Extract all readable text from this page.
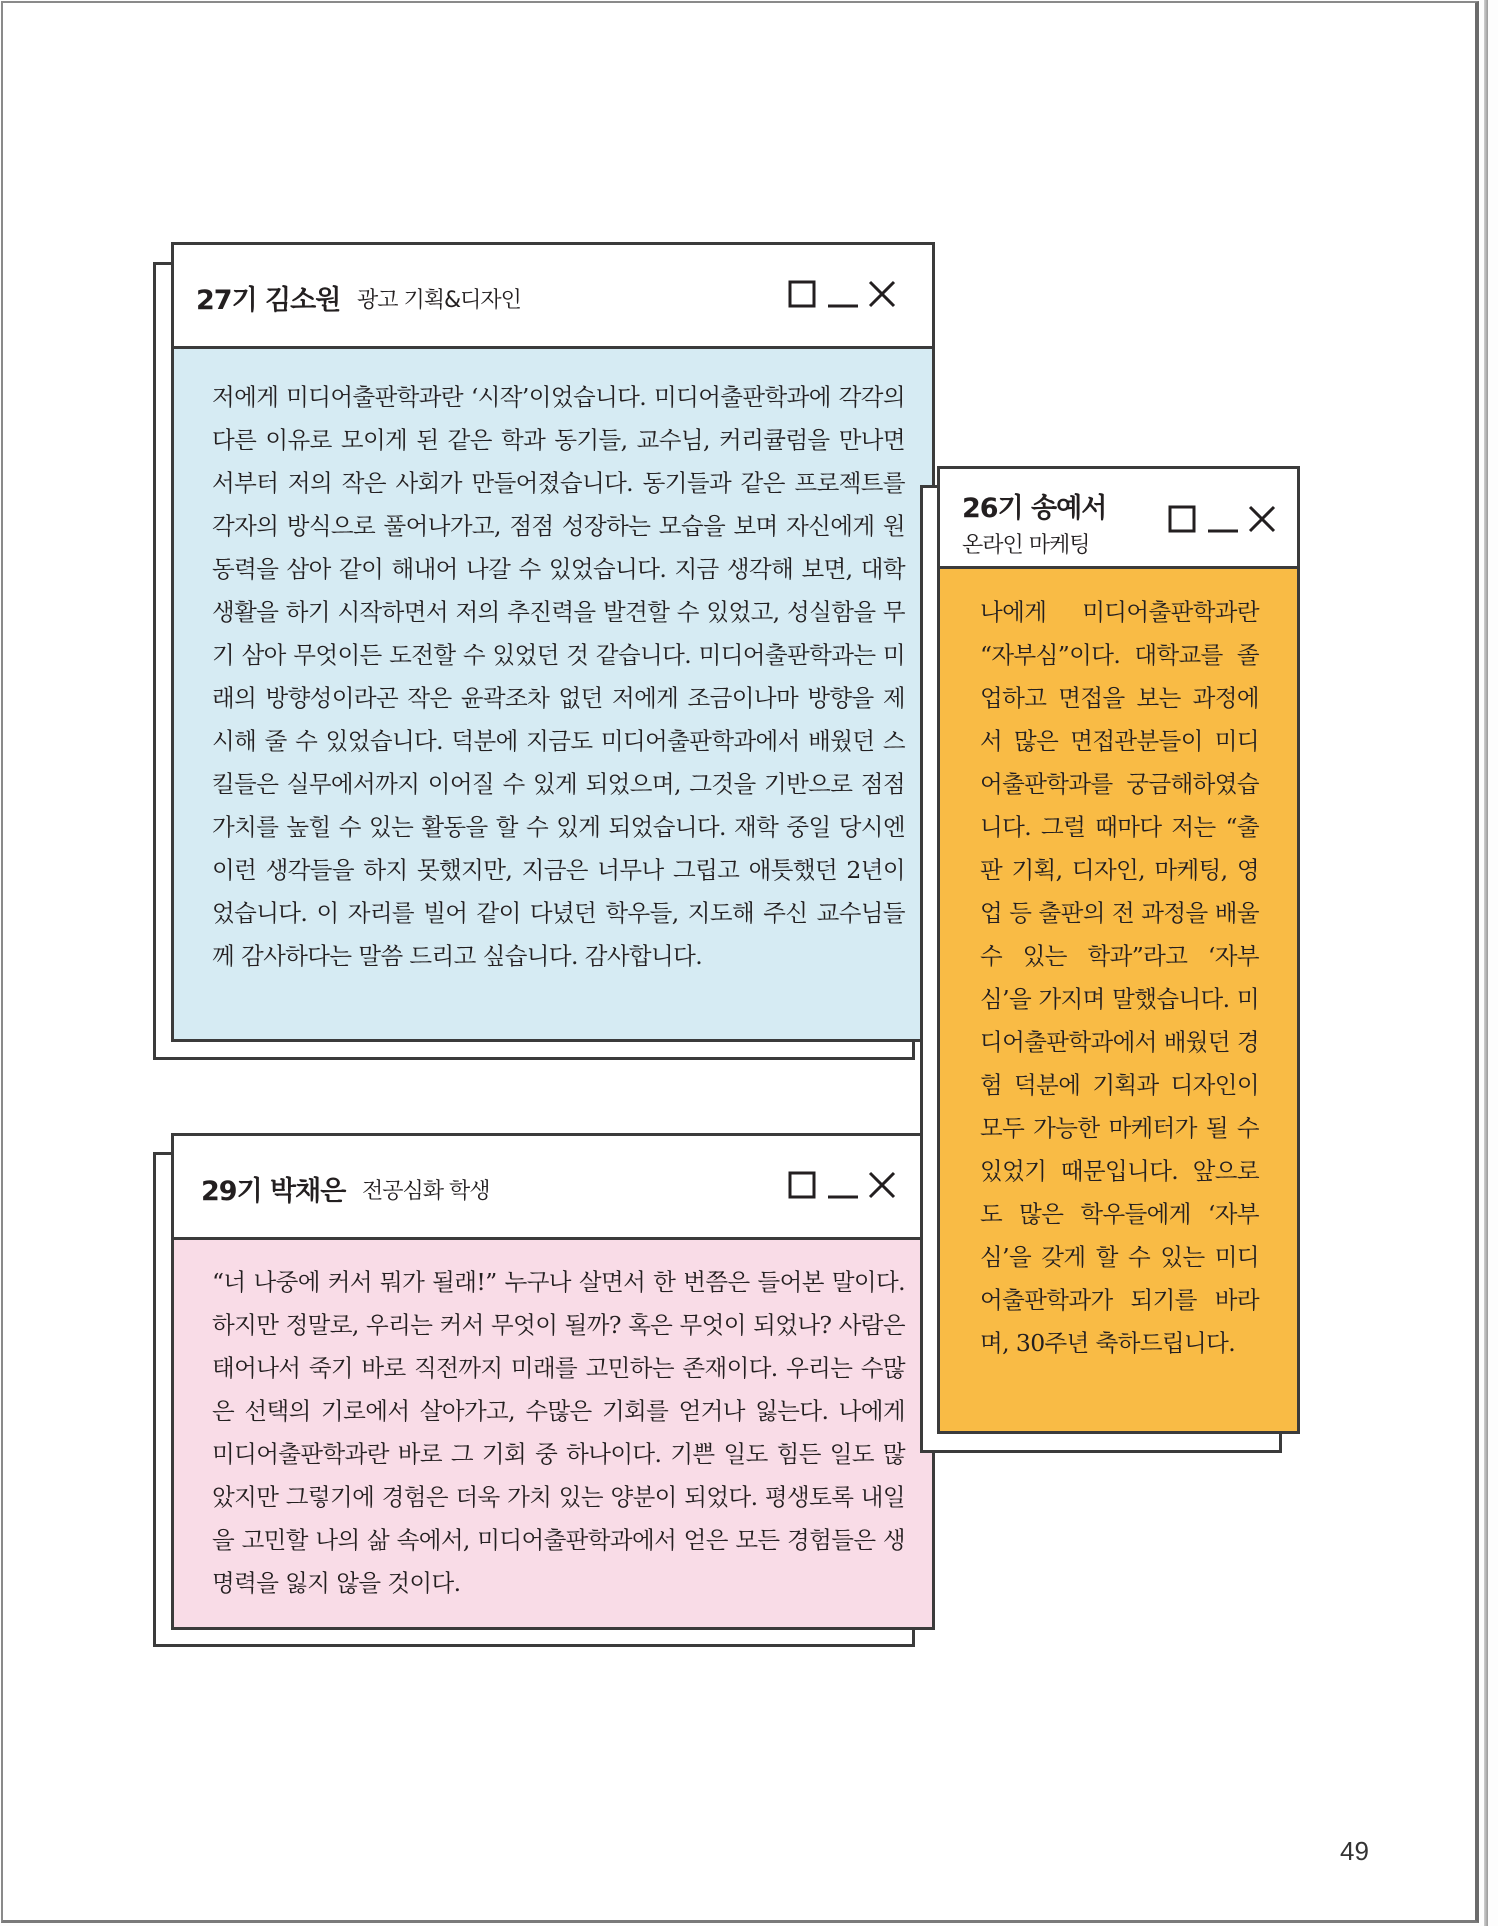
27기 김소원 광고 기획&디자인
저에게 미디어출판학과란 ‘시작’이었습니다. 미디어출판학과에 각각의 다른 이유로 모이게 된 같은 학과 동기들, 교수님, 커리큘럼을 만나면서부터 저의 작은 사회가 만들어졌습니다. 동기들과 같은 프로젝트를 각자의 방식으로 풀어나가고, 점점 성장하는 모습을 보며 자신에게 원동력을 삼아 같이 해내어 나갈 수 있었습니다. 지금 생각해 보면, 대학 생활을 하기 시작하면서 저의 추진력을 발견할 수 있었고, 성실함을 무기 삼아 무엇이든 도전할 수 있었던 것 같습니다. 미디어출판학과는 미래의 방향성이라곤 작은 윤곽조차 없던 저에게 조금이나마 방향을 제시해 줄 수 있었습니다. 덕분에 지금도 미디어출판학과에서 배웠던 스킬들은 실무에서까지 이어질 수 있게 되었으며, 그것을 기반으로 점점 가치를 높힐 수 있는 활동을 할 수 있게 되었습니다. 재학 중일 당시엔 이런 생각들을 하지 못했지만, 지금은 너무나 그립고 애틋했던 2년이었습니다. 이 자리를 빌어 같이 다녔던 학우들, 지도해 주신 교수님들께 감사하다는 말씀 드리고 싶습니다. 감사합니다.
29기 박채은 전공심화 학생
“너 나중에 커서 뭐가 될래!” 누구나 살면서 한 번쯤은 들어본 말이다. 하지만 정말로, 우리는 커서 무엇이 될까? 혹은 무엇이 되었나? 사람은 태어나서 죽기 바로 직전까지 미래를 고민하는 존재이다. 우리는 수많은 선택의 기로에서 살아가고, 수많은 기회를 얻거나 잃는다. 나에게 미디어출판학과란 바로 그 기회 중 하나이다. 기쁜 일도 힘든 일도 많았지만 그렇기에 경험은 더욱 가치 있는 양분이 되었다. 평생토록 내일을 고민할 나의 삶 속에서, 미디어출판학과에서 얻은 모든 경험들은 생명력을 잃지 않을 것이다.
26기 송예서
온라인 마케팅
나에게 미디어출판학과란 “자부심”이다. 대학교를 졸업하고 면접을 보는 과정에서 많은 면접관분들이 미디어출판학과를 궁금해하였습니다. 그럴 때마다 저는 “출판 기획, 디자인, 마케팅, 영업 등 출판의 전 과정을 배울 수 있는 학과”라고 ‘자부심’을 가지며 말했습니다. 미디어출판학과에서 배웠던 경험 덕분에 기획과 디자인이 모두 가능한 마케터가 될 수 있었기 때문입니다. 앞으로도 많은 학우들에게 ‘자부심’을 갖게 할 수 있는 미디어출판학과가 되기를 바라며, 30주년 축하드립니다.
49
